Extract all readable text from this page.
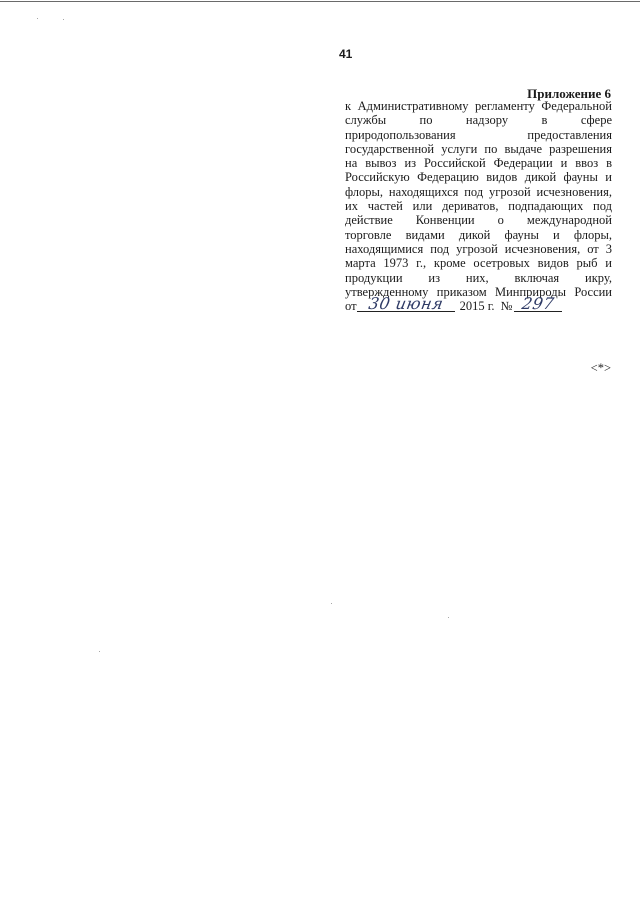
41
Приложение 6
к Административному регламенту Федеральной
службы по надзору в сфере
природопользования предоставления
государственной услуги по выдаче разрешения
на вывоз из Российской Федерации и ввоз в
Российскую Федерацию видов дикой фауны и
флоры, находящихся под угрозой исчезновения,
их частей или дериватов, подпадающих под
действие Конвенции о международной
торговле видами дикой фауны и флоры,
находящимися под угрозой исчезновения, от 3
марта 1973 г., кроме осетровых видов рыб и
продукции из них, включая икру,
утвержденному приказом Минприроды России
от 30 июня 2015 г. № 297
<*>
